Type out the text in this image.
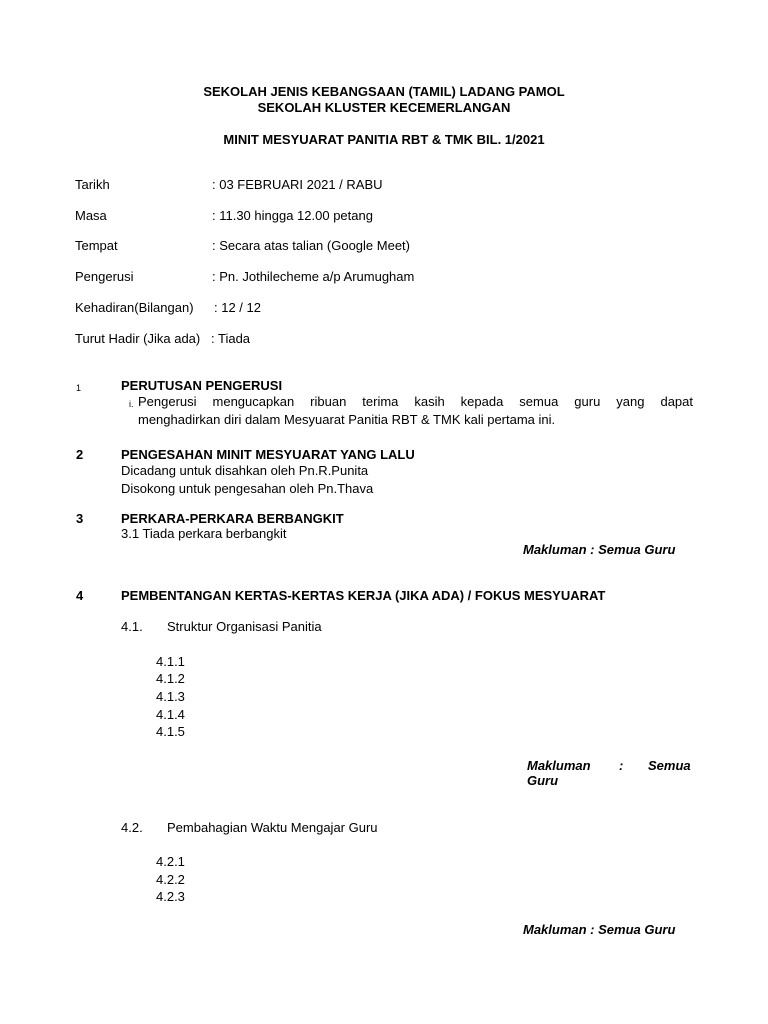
SEKOLAH JENIS KEBANGSAAN (TAMIL) LADANG PAMOL
SEKOLAH KLUSTER KECEMERLANGAN
MINIT MESYUARAT PANITIA RBT & TMK BIL. 1/2021
Tarikh	: 03 FEBRUARI 2021 / RABU
Masa	: 11.30 hingga 12.00 petang
Tempat	: Secara atas talian (Google Meet)
Pengerusi	: Pn. Jothilecheme a/p Arumugham
Kehadiran(Bilangan) : 12 / 12
Turut Hadir (Jika ada) : Tiada
1	PERUTUSAN PENGERUSI
i. Pengerusi mengucapkan ribuan terima kasih kepada semua guru yang dapat
menghadirkan diri dalam Mesyuarat Panitia RBT & TMK kali pertama ini.
2	PENGESAHAN MINIT MESYUARAT YANG LALU
Dicadang untuk disahkan oleh Pn.R.Punita
Disokong untuk pengesahan oleh Pn.Thava
3	PERKARA-PERKARA BERBANGKIT
3.1 Tiada perkara berbangkit
Makluman : Semua Guru
4	PEMBENTANGAN KERTAS-KERTAS KERJA (JIKA ADA) / FOKUS MESYUARAT
4.1. Struktur Organisasi Panitia
4.1.1
4.1.2
4.1.3
4.1.4
4.1.5
Makluman : Semua
Guru
4.2. Pembahagian Waktu Mengajar Guru
4.2.1
4.2.2
4.2.3
Makluman : Semua Guru
